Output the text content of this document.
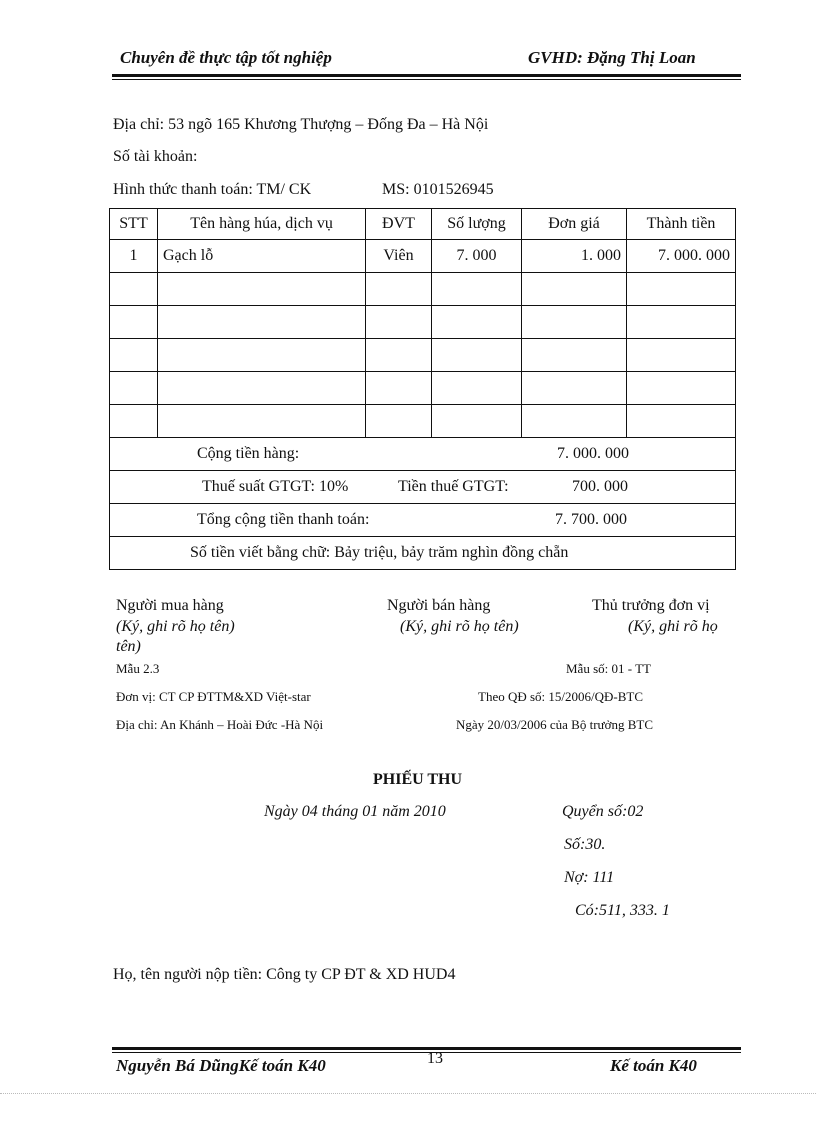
Chuyên đề thực tập tốt nghiệp	GVHD: Đặng Thị Loan
Địa chỉ: 53 ngõ 165 Khương Thượng – Đống Đa – Hà Nội
Số tài khoản:
Hình thức thanh toán: TM/ CK	MS: 0101526945
STT	Tên hàng húa, dịch vụ	ĐVT	Số lượng	Đơn giá	Thành tiền
1	Gạch lỗ	Viên	7. 000	1. 000	7. 000. 000

Cộng tiền hàng: 7. 000. 000					

Thuế suất GTGT: 10% Tiền thuế GTGT: 700. 000					

Tổng cộng tiền thanh toán: 7. 700. 000					

Số tiền viết bằng chữ: Bảy triệu, bảy trăm nghìn đồng chẵn					
Người mua hàng
(Ký, ghi rõ họ tên)
Người bán hàng
(Ký, ghi rõ họ tên)
Thủ trưởng đơn vị
(Ký, ghi rõ họ
tên)
Mẫu 2.3	Mẫu số: 01 - TT
Đơn vị: CT CP ĐTTM&XD Việt-star	Theo QĐ số: 15/2006/QĐ-BTC
Địa chỉ: An Khánh – Hoài Đức -Hà Nội	Ngày 20/03/2006 của Bộ trưởng BTC
PHIẾU THU
Ngày 04 tháng 01 năm 2010	Quyển số:02
Số:30.
Nợ: 111
Có:511, 333. 1
Họ, tên người nộp tiền: Công ty CP ĐT & XD HUD4
Nguyễn Bá DũngKế toán K40	13	Kế toán K40
